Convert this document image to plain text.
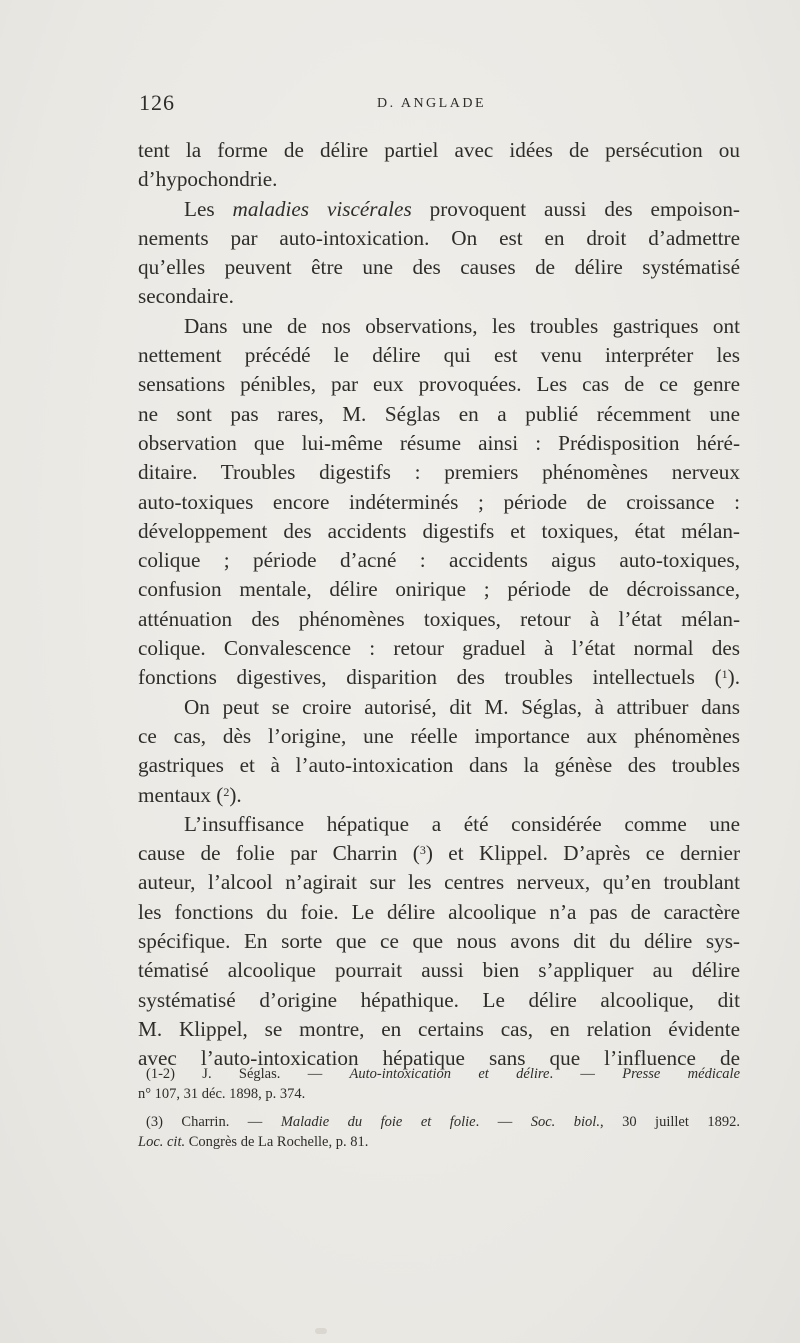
126	D. ANGLADE
tent la forme de délire partiel avec idées de persécution ou
d’hypochondrie.
Les maladies viscérales provoquent aussi des empoison-
nements par auto-intoxication. On est en droit d’admettre
qu’elles peuvent être une des causes de délire systématisé
secondaire.
Dans une de nos observations, les troubles gastriques ont
nettement précédé le délire qui est venu interpréter les
sensations pénibles, par eux provoquées. Les cas de ce genre
ne sont pas rares, M. Séglas en a publié récemment une
observation que lui-même résume ainsi : Prédisposition héré-
ditaire. Troubles digestifs : premiers phénomènes nerveux
auto-toxiques encore indéterminés ; période de croissance :
développement des accidents digestifs et toxiques, état mélan-
colique ; période d’acné : accidents aigus auto-toxiques,
confusion mentale, délire onirique ; période de décroissance,
atténuation des phénomènes toxiques, retour à l’état mélan-
colique. Convalescence : retour graduel à l’état normal des
fonctions digestives, disparition des troubles intellectuels ($^1$).
On peut se croire autorisé, dit M. Séglas, à attribuer dans
ce cas, dès l’origine, une réelle importance aux phénomènes
gastriques et à l’auto-intoxication dans la génèse des troubles
mentaux ($^2$).
L’insuffisance hépatique a été considérée comme une
cause de folie par Charrin ($^3$) et Klippel. D’après ce dernier
auteur, l’alcool n’agirait sur les centres nerveux, qu’en troublant
les fonctions du foie. Le délire alcoolique n’a pas de caractère
spécifique. En sorte que ce que nous avons dit du délire sys-
tématisé alcoolique pourrait aussi bien s’appliquer au délire
systématisé d’origine hépathique. Le délire alcoolique, dit
M. Klippel, se montre, en certains cas, en relation évidente
avec l’auto-intoxication hépatique sans que l’influence de
(1-2) J. Séglas. — Auto-intoxication et délire. — Presse médicale
n° 107, 31 déc. 1898, p. 374.
(3) Charrin. — Maladie du foie et folie. — Soc. biol., 30 juillet 1892.
Loc. cit. Congrès de La Rochelle, p. 81.
